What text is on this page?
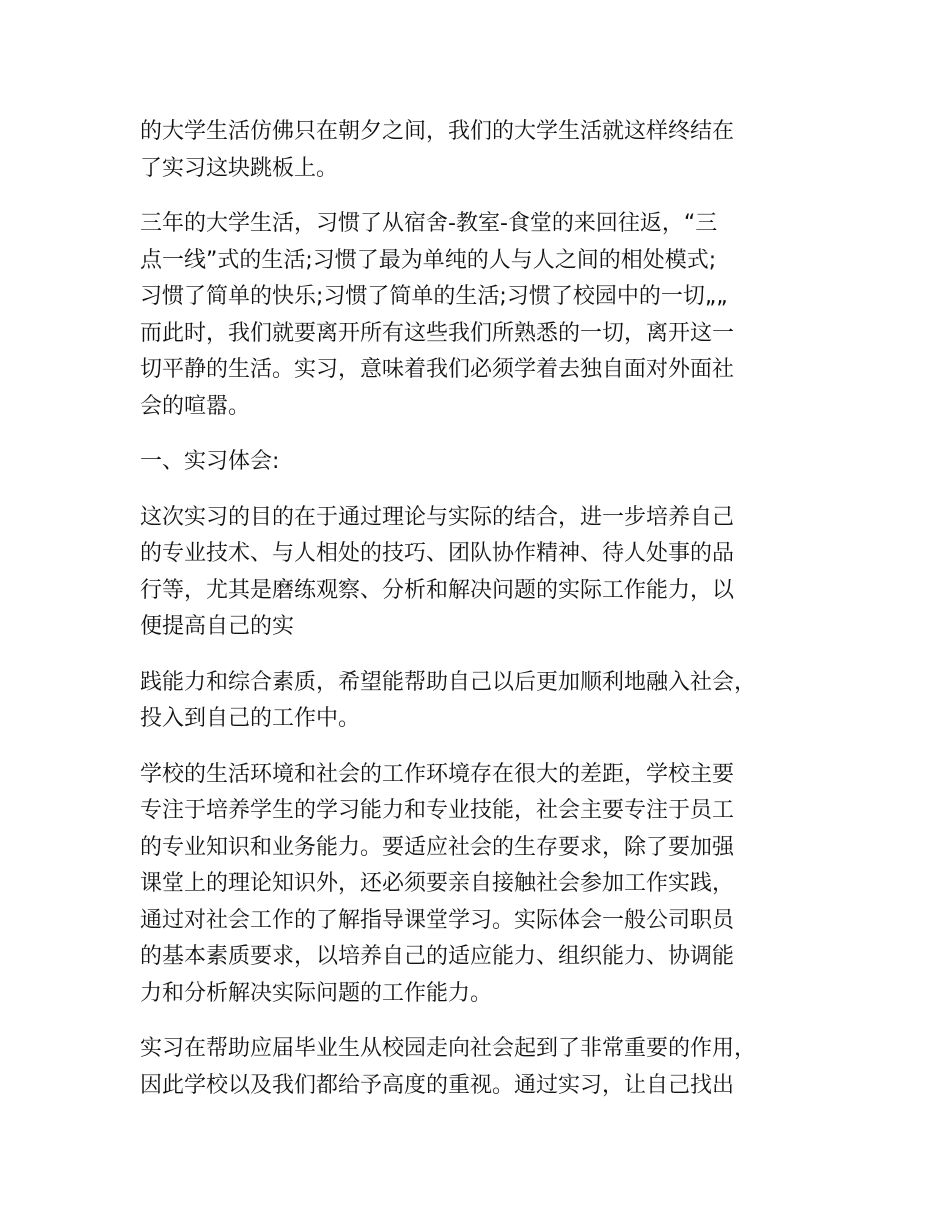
的大学生活仿佛只在朝夕之间，我们的大学生活就这样终结在
了实习这块跳板上。

三年的大学生活，习惯了从宿舍-教室-食堂的来回往返，“三
点一线”式的生活;习惯了最为单纯的人与人之间的相处模式;
习惯了简单的快乐;习惯了简单的生活;习惯了校园中的一切„„
而此时，我们就要离开所有这些我们所熟悉的一切，离开这一
切平静的生活。实习，意味着我们必须学着去独自面对外面社
会的喧嚣。

一、实习体会:

这次实习的目的在于通过理论与实际的结合，进一步培养自己
的专业技术、与人相处的技巧、团队协作精神、待人处事的品
行等，尤其是磨练观察、分析和解决问题的实际工作能力，以
便提高自己的实

践能力和综合素质，希望能帮助自己以后更加顺利地融入社会，
投入到自己的工作中。

学校的生活环境和社会的工作环境存在很大的差距，学校主要
专注于培养学生的学习能力和专业技能，社会主要专注于员工
的专业知识和业务能力。要适应社会的生存要求，除了要加强
课堂上的理论知识外，还必须要亲自接触社会参加工作实践，
通过对社会工作的了解指导课堂学习。实际体会一般公司职员
的基本素质要求，以培养自己的适应能力、组织能力、协调能
力和分析解决实际问题的工作能力。

实习在帮助应届毕业生从校园走向社会起到了非常重要的作用，
因此学校以及我们都给予高度的重视。通过实习，让自己找出
